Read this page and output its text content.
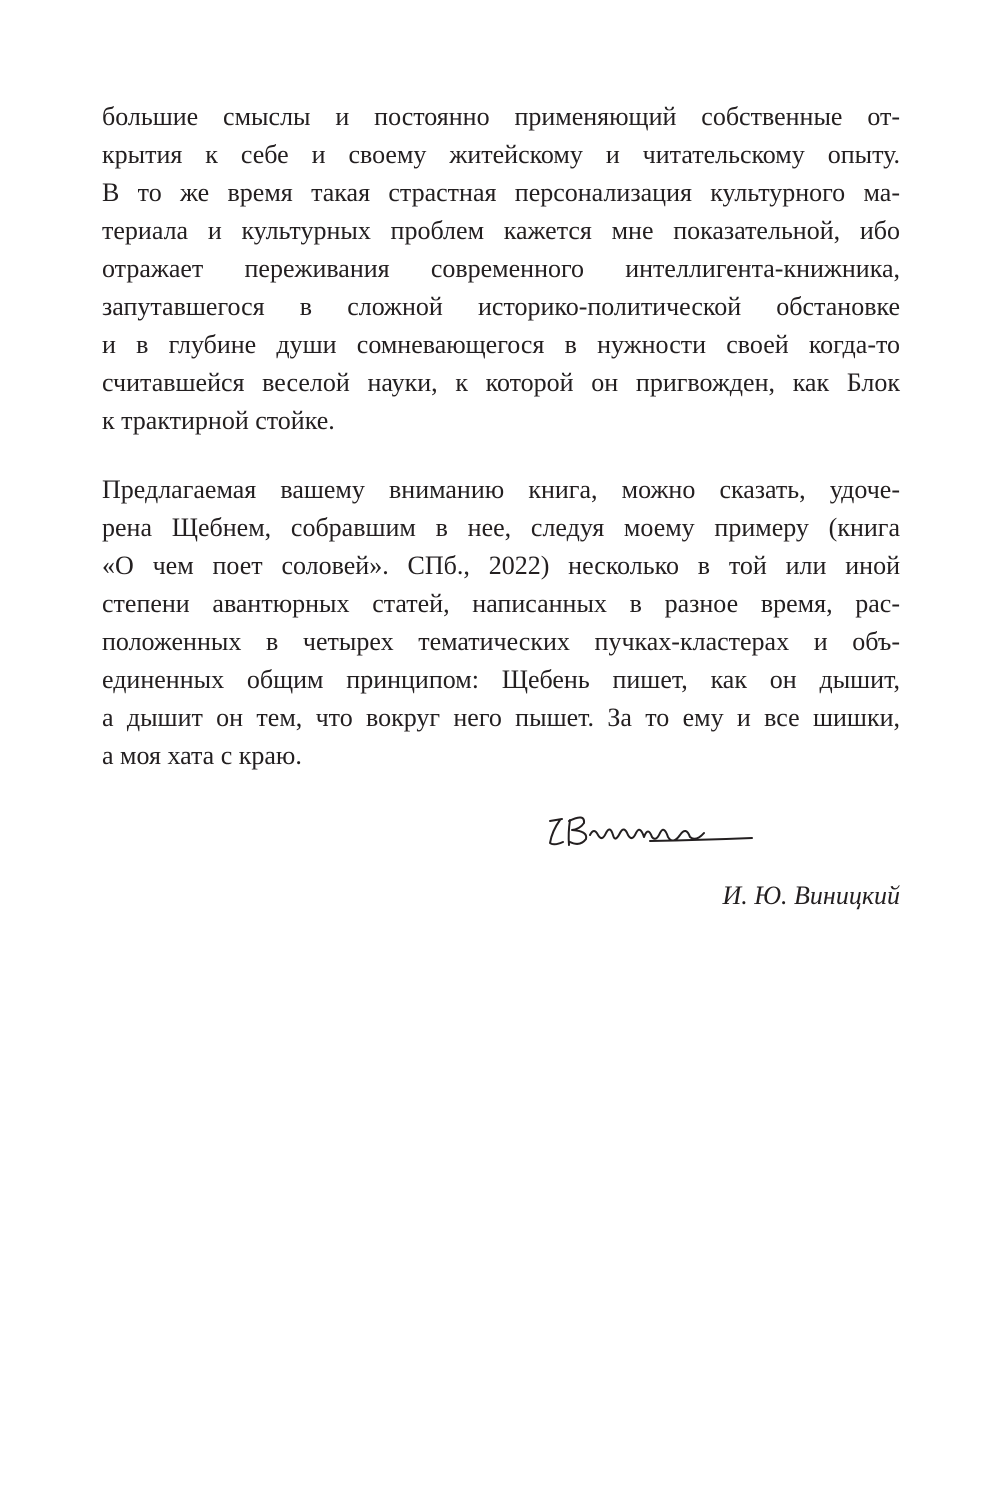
большие смыслы и постоянно применяющий собственные от-
крытия к себе и своему житейскому и читательскому опыту.
В то же время такая страстная персонализация культурного ма-
териала и культурных проблем кажется мне показательной, ибо
отражает переживания современного интеллигента-книжника,
запутавшегося в сложной историко-политической обстановке
и в глубине души сомневающегося в нужности своей когда-то
считавшейся веселой науки, к которой он пригвожден, как Блок
к трактирной стойке.
Предлагаемая вашему вниманию книга, можно сказать, удоче-
рена Щебнем, собравшим в нее, следуя моему примеру (книга
«О чем поет соловей». СПб., 2022) несколько в той или иной
степени авантюрных статей, написанных в разное время, рас-
положенных в четырех тематических пучках-кластерах и объ-
единенных общим принципом: Щебень пишет, как он дышит,
а дышит он тем, что вокруг него пышет. За то ему и все шишки,
а моя хата с краю.
И. Ю. Виницкий
